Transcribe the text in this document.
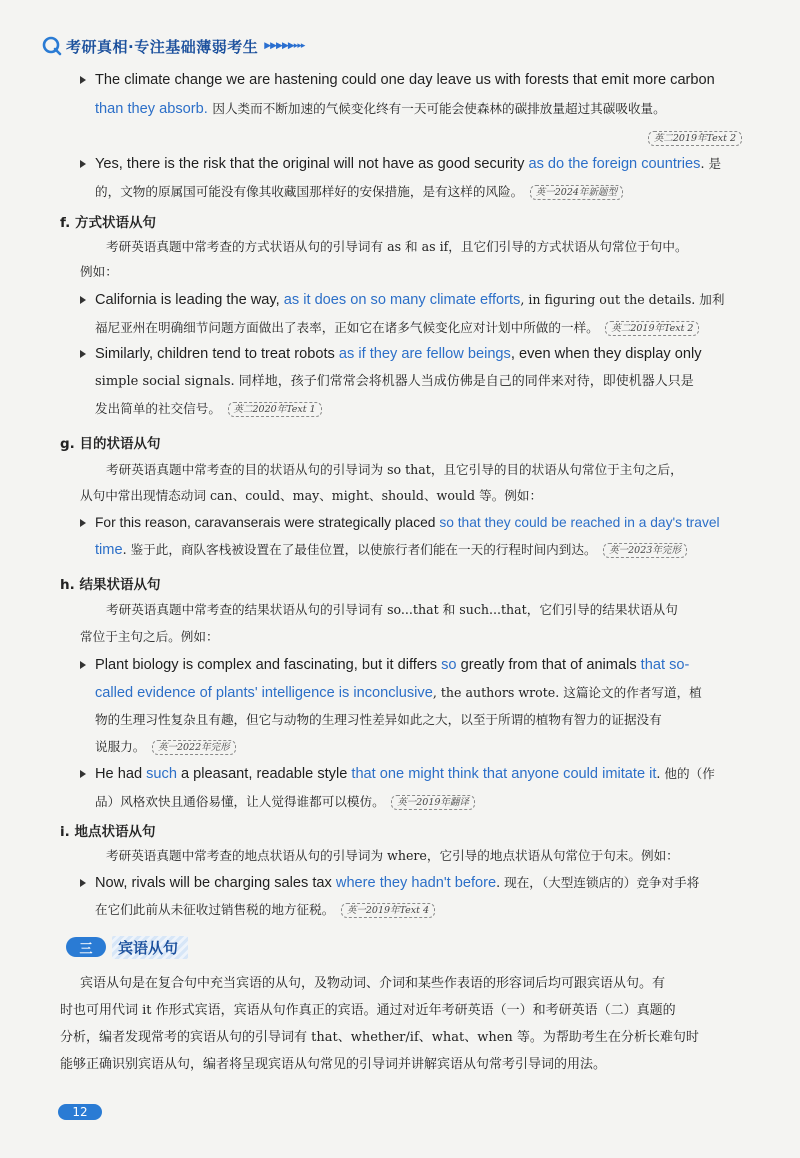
考研真相·专注基础薄弱考生 ▶▶▶▶▶▸▸▸
The climate change we are hastening could one day leave us with forests that emit more carbon
than they absorb. 因人类而不断加速的气候变化终有一天可能会使森林的碳排放量超过其碳吸收量。
英二2019年Text 2
Yes, there is the risk that the original will not have as good security as do the foreign countries. 是
的，文物的原属国可能没有像其收藏国那样好的安保措施，是有这样的风险。 英一2024年新题型
f. 方式状语从句
考研英语真题中常考查的方式状语从句的引导词有 as 和 as if，且它们引导的方式状语从句常位于句中。
例如：
California is leading the way, as it does on so many climate efforts, in figuring out the details. 加利
福尼亚州在明确细节问题方面做出了表率，正如它在诸多气候变化应对计划中所做的一样。 英二2019年Text 2
Similarly, children tend to treat robots as if they are fellow beings, even when they display only
simple social signals. 同样地，孩子们常常会将机器人当成仿佛是自己的同伴来对待，即使机器人只是
发出简单的社交信号。 英二2020年Text 1
g. 目的状语从句
考研英语真题中常考查的目的状语从句的引导词为 so that，且它引导的目的状语从句常位于主句之后，
从句中常出现情态动词 can、could、may、might、should、would 等。例如：
For this reason, caravanserais were strategically placed so that they could be reached in a day's travel
time. 鉴于此，商队客栈被设置在了最佳位置，以使旅行者们能在一天的行程时间内到达。 英一2023年完形
h. 结果状语从句
考研英语真题中常考查的结果状语从句的引导词有 so...that 和 such...that，它们引导的结果状语从句
常位于主句之后。例如：
Plant biology is complex and fascinating, but it differs so greatly from that of animals that so-
called evidence of plants' intelligence is inconclusive, the authors wrote. 这篇论文的作者写道，植
物的生理习性复杂且有趣，但它与动物的生理习性差异如此之大，以至于所谓的植物有智力的证据没有
说服力。 英一2022年完形
He had such a pleasant, readable style that one might think that anyone could imitate it. 他的（作
品）风格欢快且通俗易懂，让人觉得谁都可以模仿。 英一2019年翻译
i. 地点状语从句
考研英语真题中常考查的地点状语从句的引导词为 where，它引导的地点状语从句常位于句末。例如：
Now, rivals will be charging sales tax where they hadn't before. 现在，（大型连锁店的）竞争对手将
在它们此前从未征收过销售税的地方征税。 英一2019年Text 4
三	宾语从句
宾语从句是在复合句中充当宾语的从句，及物动词、介词和某些作表语的形容词后均可跟宾语从句。有
时也可用代词 it 作形式宾语，宾语从句作真正的宾语。通过对近年考研英语（一）和考研英语（二）真题的
分析，编者发现常考的宾语从句的引导词有 that、whether/if、what、when 等。为帮助考生在分析长难句时
能够正确识别宾语从句，编者将呈现宾语从句常见的引导词并讲解宾语从句常考引导词的用法。
12
